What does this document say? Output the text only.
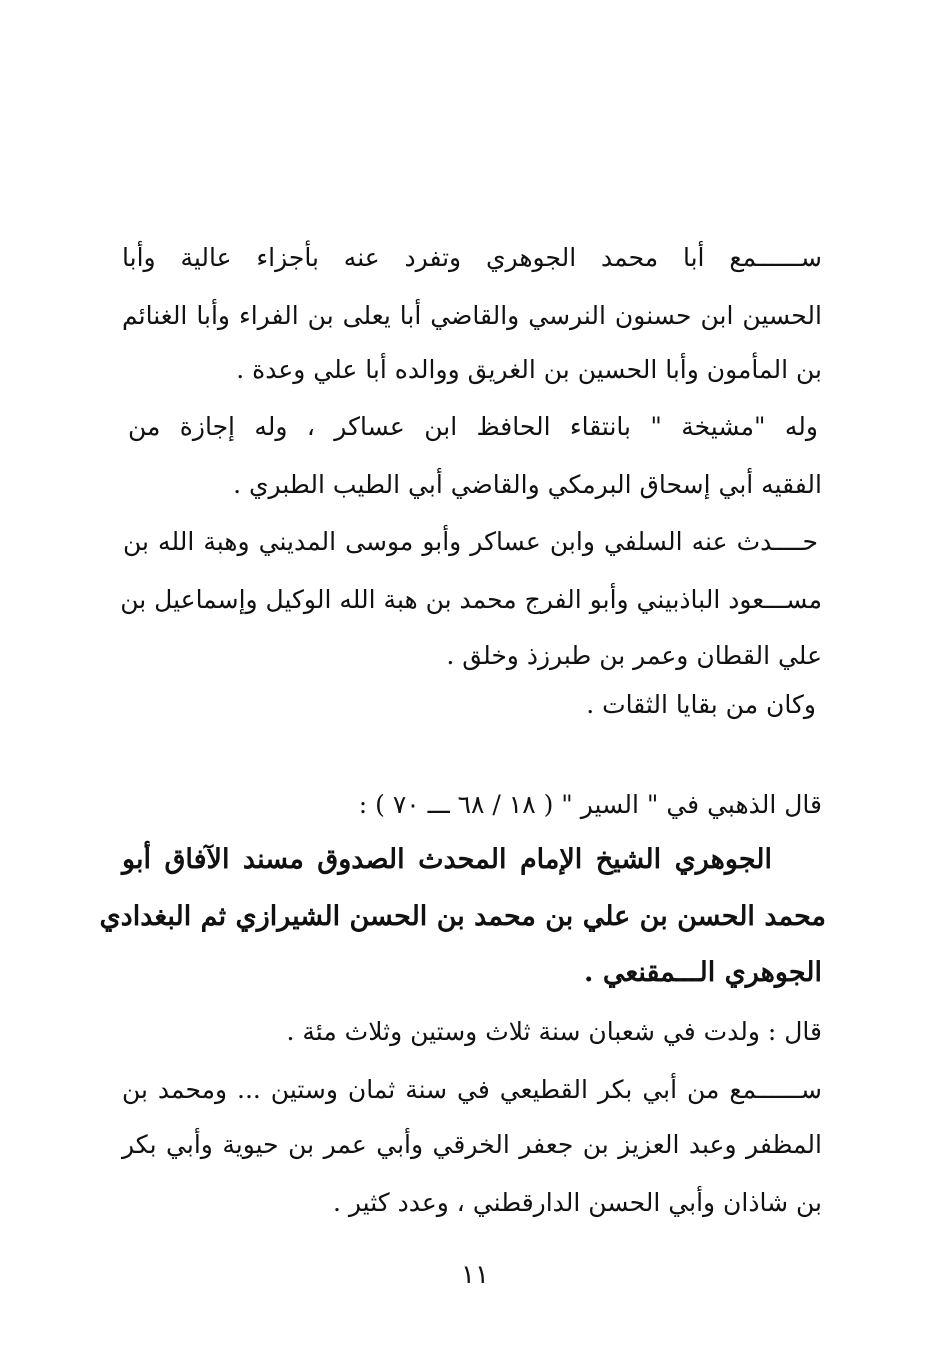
ســــــمع أبا محمد الجوهري وتفرد عنه بأجزاء عالية وأبا
الحسين ابن حسنون النرسي والقاضي أبا يعلى بن الفراء وأبا الغنائم
بن المأمون وأبا الحسين بن الغريق ووالده أبا علي وعدة .
وله "مشيخة " بانتقاء الحافظ ابن عساكر ، وله إجازة من
الفقيه أبي إسحاق البرمكي والقاضي أبي الطيب الطبري .
حــــدث عنه السلفي وابن عساكر وأبو موسى المديني وهبة الله بن
مســـعود الباذبيني وأبو الفرج محمد بن هبة الله الوكيل وإسماعيل بن
علي القطان وعمر بن طبرزذ وخلق .
وكان من بقايا الثقات .
قال الذهبي في " السير " ( ١٨ / ٦٨ ـــ ٧٠ ) :
الجوهري الشيخ الإمام المحدث الصدوق مسند الآفاق أبو
محمد الحسن بن علي بن محمد بن الحسن الشيرازي ثم البغدادي
الجوهري الـــمقنعي .
قال : ولدت في شعبان سنة ثلاث وستين وثلاث مئة .
ســــــمع من أبي بكر القطيعي في سنة ثمان وستين ... ومحمد بن
المظفر وعبد العزيز بن جعفر الخرقي وأبي عمر بن حيوية وأبي بكر
بن شاذان وأبي الحسن الدارقطني ، وعدد كثير .
١١
